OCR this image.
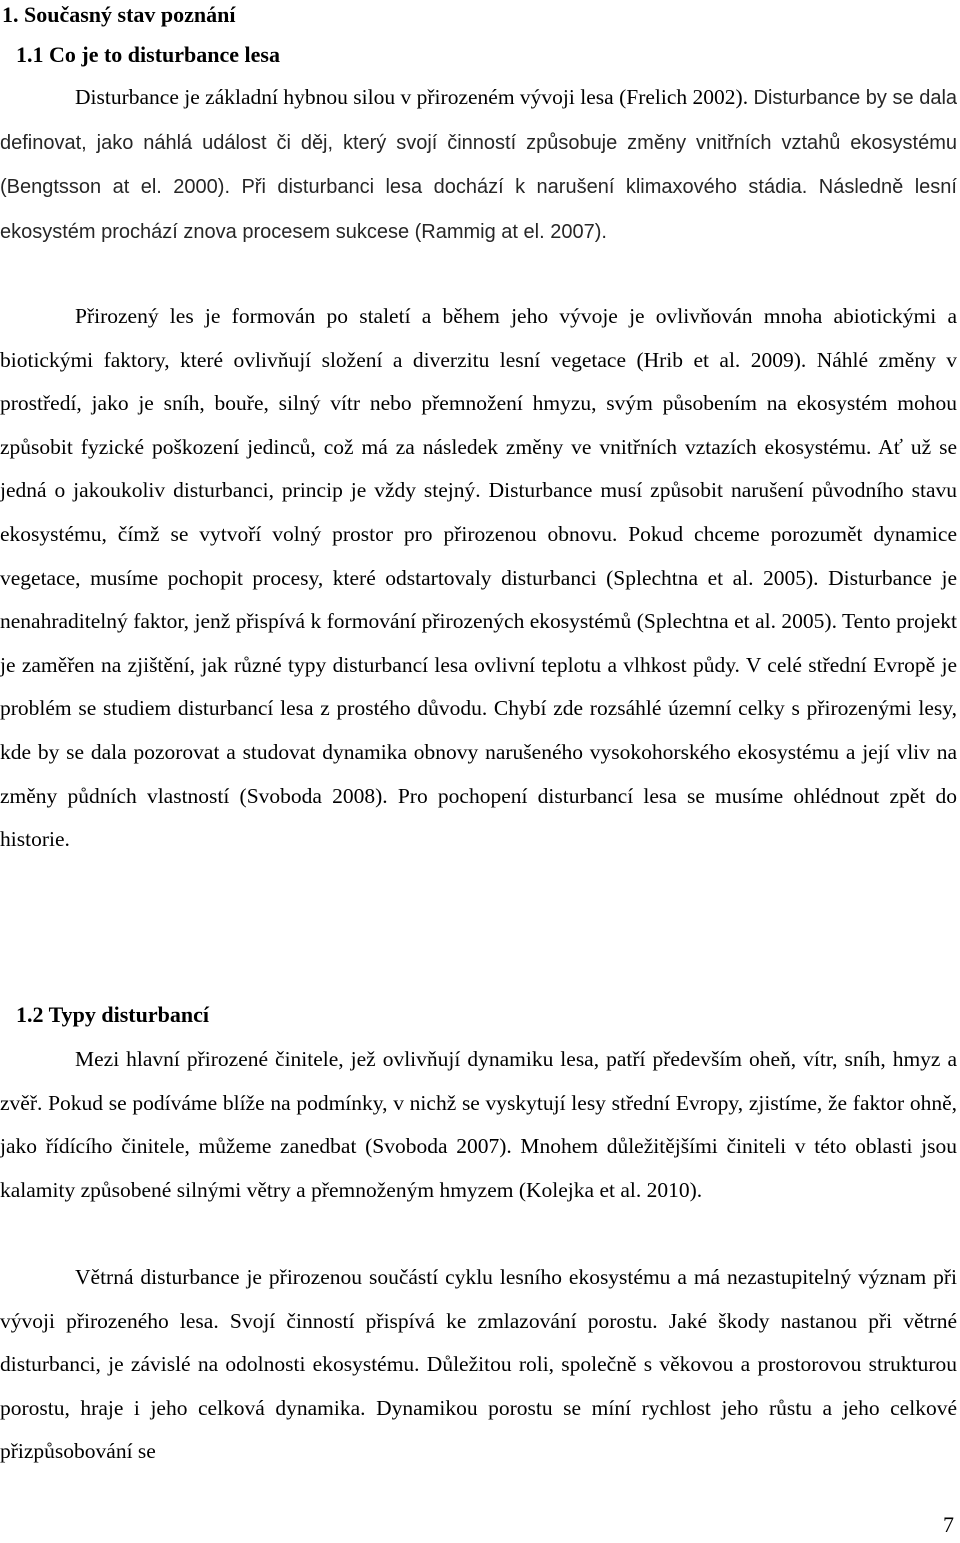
1. Současný stav poznání
1.1 Co je to disturbance lesa

Disturbance je základní hybnou silou v přirozeném vývoji lesa (Frelich 2002). Disturbance by se dala definovat, jako náhlá událost či děj, který svojí činností způsobuje změny vnitřních vztahů ekosystému (Bengtsson at el. 2000). Při disturbanci lesa dochází k narušení klimaxového stádia. Následně lesní ekosystém prochází znova procesem sukcese (Rammig at el. 2007).

Přirozený les je formován po staletí a během jeho vývoje je ovlivňován mnoha abiotickými a biotickými faktory, které ovlivňují složení a diverzitu lesní vegetace (Hrib et al. 2009). Náhlé změny v prostředí, jako je sníh, bouře, silný vítr nebo přemnožení hmyzu, svým působením na ekosystém mohou způsobit fyzické poškození jedinců, což má za následek změny ve vnitřních vztazích ekosystému. Ať už se jedná o jakoukoliv disturbanci, princip je vždy stejný. Disturbance musí způsobit narušení původního stavu ekosystému, čímž se vytvoří volný prostor pro přirozenou obnovu. Pokud chceme porozumět dynamice vegetace, musíme pochopit procesy, které odstartovaly disturbanci (Splechtna et al. 2005). Disturbance je nenahraditelný faktor, jenž přispívá k formování přirozených ekosystémů (Splechtna et al. 2005). Tento projekt je zaměřen na zjištění, jak různé typy disturbancí lesa ovlivní teplotu a vlhkost půdy. V celé střední Evropě je problém se studiem disturbancí lesa z prostého důvodu. Chybí zde rozsáhlé územní celky s přirozenými lesy, kde by se dala pozorovat a studovat dynamika obnovy narušeného vysokohorského ekosystému a její vliv na změny půdních vlastností (Svoboda 2008). Pro pochopení disturbancí lesa se musíme ohlédnout zpět do historie.

1.2 Typy disturbancí

Mezi hlavní přirozené činitele, jež ovlivňují dynamiku lesa, patří především oheň, vítr, sníh, hmyz a zvěř. Pokud se podíváme blíže na podmínky, v nichž se vyskytují lesy střední Evropy, zjistíme, že faktor ohně, jako řídícího činitele, můžeme zanedbat (Svoboda 2007). Mnohem důležitějšími činiteli v této oblasti jsou kalamity způsobené silnými větry a přemnoženým hmyzem (Kolejka et al. 2010).

Větrná disturbance je přirozenou součástí cyklu lesního ekosystému a má nezastupitelný význam při vývoji přirozeného lesa. Svojí činností přispívá ke zmlazování porostu. Jaké škody nastanou při větrné disturbanci, je závislé na odolnosti ekosystému. Důležitou roli, společně s věkovou a prostorovou strukturou porostu, hraje i jeho celková dynamika. Dynamikou porostu se míní rychlost jeho růstu a jeho celkové přizpůsobování se

7
